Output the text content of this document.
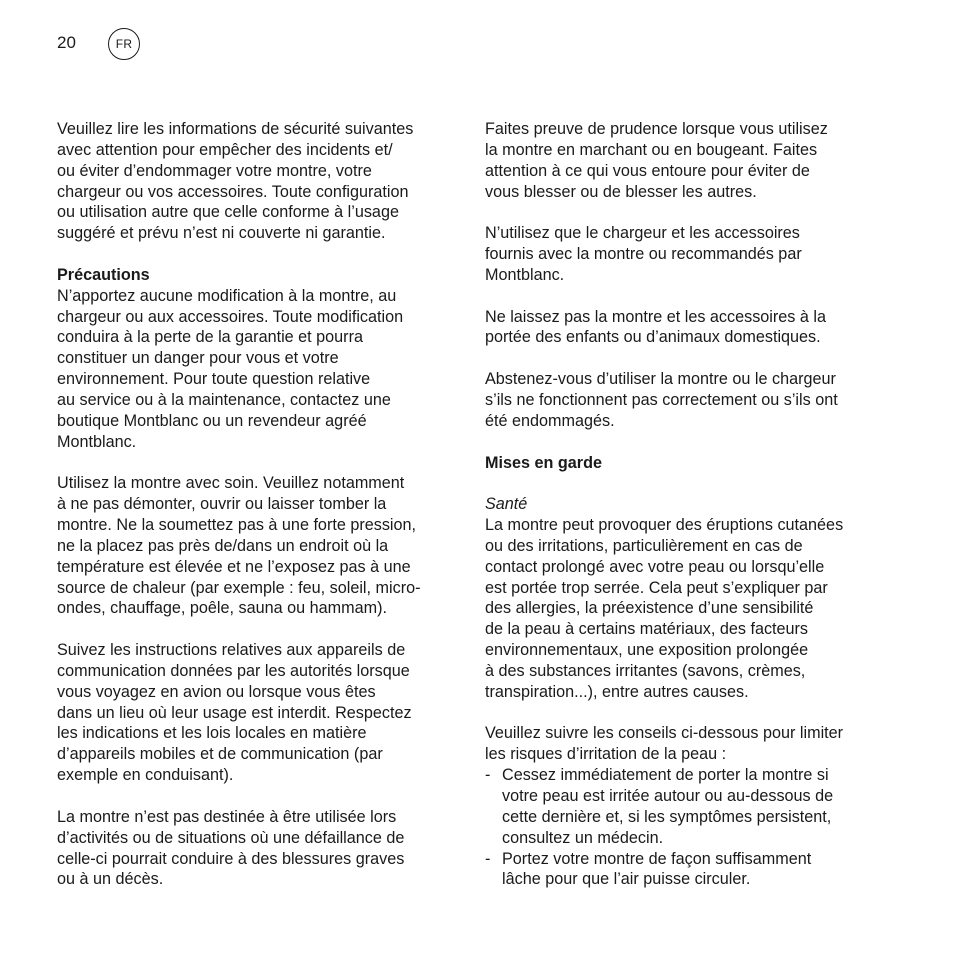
20	FR

Veuillez lire les informations de sécurité suivantes

avec attention pour empêcher des incidents et/

ou éviter d’endommager votre montre, votre

chargeur ou vos accessoires. Toute configuration

ou utilisation autre que celle conforme à l’usage

suggéré et prévu n’est ni couverte ni garantie.

Précautions

N’apportez aucune modification à la montre, au

chargeur ou aux accessoires. Toute modification

conduira à la perte de la garantie et pourra

constituer un danger pour vous et votre

environnement. Pour toute question relative

au service ou à la maintenance, contactez une

boutique Montblanc ou un revendeur agréé

Montblanc.

Utilisez la montre avec soin. Veuillez notamment

à ne pas démonter, ouvrir ou laisser tomber la

montre. Ne la soumettez pas à une forte pression,

ne la placez pas près de/dans un endroit où la

température est élevée et ne l’exposez pas à une

source de chaleur (par exemple : feu, soleil, micro-

ondes, chauffage, poêle, sauna ou hammam).

Suivez les instructions relatives aux appareils de

communication données par les autorités lorsque

vous voyagez en avion ou lorsque vous êtes

dans un lieu où leur usage est interdit. Respectez

les indications et les lois locales en matière

d’appareils mobiles et de communication (par

exemple en conduisant).

La montre n’est pas destinée à être utilisée lors

d’activités ou de situations où une défaillance de

celle-ci pourrait conduire à des blessures graves

ou à un décès.

Faites preuve de prudence lorsque vous utilisez

la montre en marchant ou en bougeant. Faites

attention à ce qui vous entoure pour éviter de

vous blesser ou de blesser les autres.

N’utilisez que le chargeur et les accessoires

fournis avec la montre ou recommandés par

Montblanc.

Ne laissez pas la montre et les accessoires à la

portée des enfants ou d’animaux domestiques.

Abstenez-vous d’utiliser la montre ou le chargeur

s’ils ne fonctionnent pas correctement ou s’ils ont

été endommagés.

Mises en garde

Santé

La montre peut provoquer des éruptions cutanées

ou des irritations, particulièrement en cas de

contact prolongé avec votre peau ou lorsqu’elle

est portée trop serrée. Cela peut s’expliquer par

des allergies, la préexistence d’une sensibilité

de la peau à certains matériaux, des facteurs

environnementaux, une exposition prolongée

à des substances irritantes (savons, crèmes,

transpiration...), entre autres causes.

Veuillez suivre les conseils ci-dessous pour limiter

les risques d’irritation de la peau :

- Cessez immédiatement de porter la montre si

votre peau est irritée autour ou au-dessous de

cette dernière et, si les symptômes persistent,

consultez un médecin.

- Portez votre montre de façon suffisamment

lâche pour que l’air puisse circuler.
